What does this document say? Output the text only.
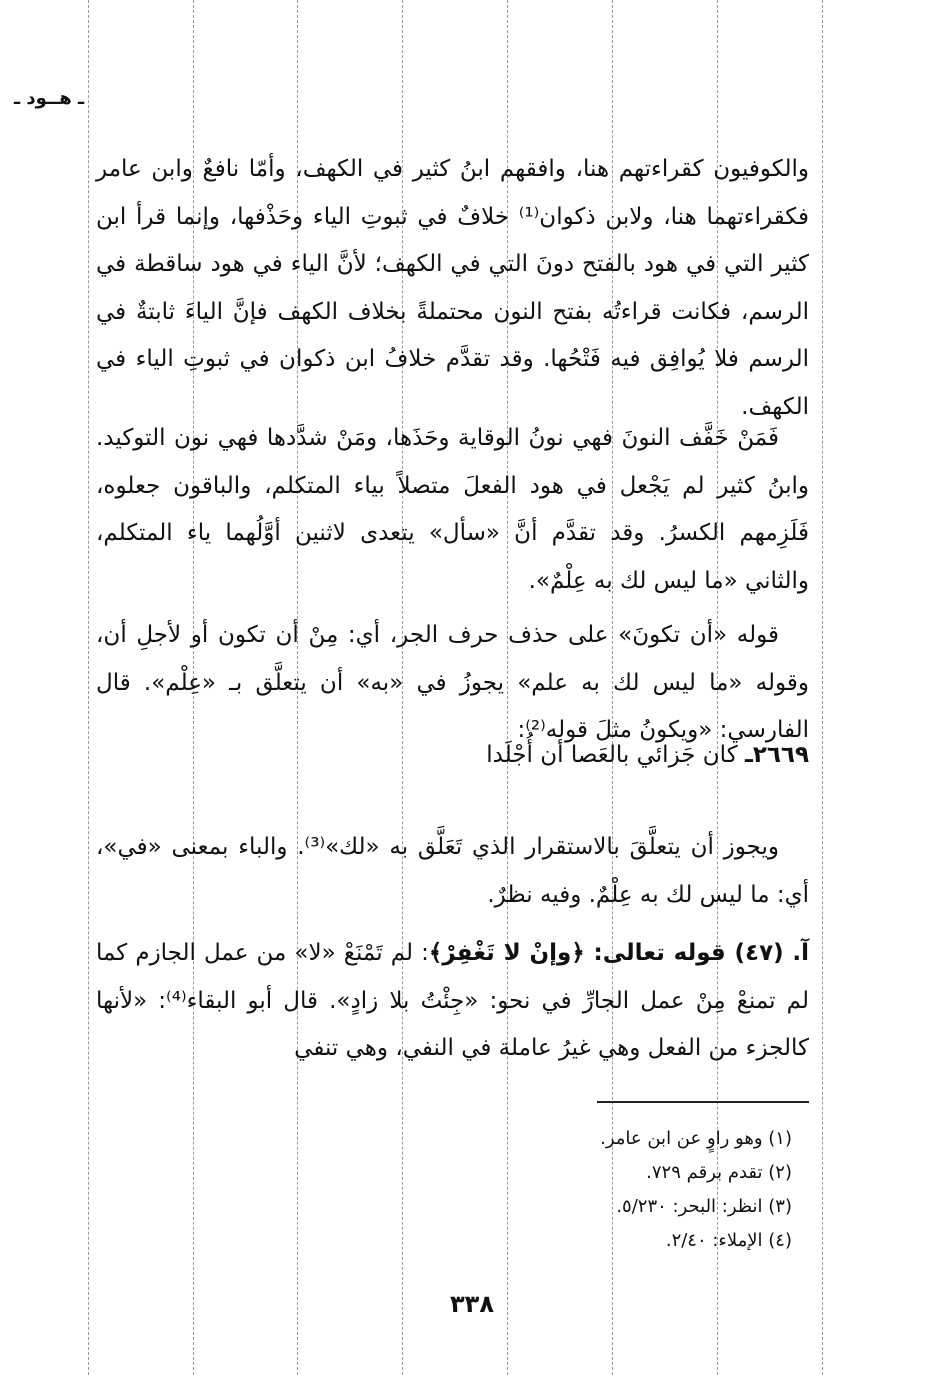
ـ هــود ـ
والكوفيون كقراءتهم هنا، وافقهم ابنُ كثير في الكهف، وأمّا نافعٌ وابن عامر فكقراءتهما هنا، ولابن ذكوان⁽¹⁾ خلافٌ في ثبوتِ الياء وحَذْفها، وإنما قرأ ابن كثير التي في هود بالفتح دونَ التي في الكهف؛ لأنَّ الياء في هود ساقطة في الرسم، فكانت قراءتُه بفتح النون محتملةً بخلاف الكهف فإنَّ الياءَ ثابتةٌ في الرسم فلا يُوافِق فيه فَتْحُها. وقد تقدَّم خلافُ ابن ذكوان في ثبوتِ الياء في الكهف.
فَمَنْ خَفَّف النونَ فهي نونُ الوقاية وحَذَها، ومَنْ شدَّدها فهي نون التوكيد. وابنُ كثير لم يَجْعل في هود الفعلَ متصلاً بياء المتكلم، والباقون جعلوه، فَلَزِمهم الكسرُ. وقد تقدَّم أنَّ «سأل» يتعدى لاثنين أوَّلُهما ياء المتكلم، والثاني «ما ليس لك به عِلْمٌ».
قوله «أن تكونَ» على حذف حرف الجر، أي: مِنْ أن تكون أو لأجلِ أن، وقوله «ما ليس لك به علم» يجوزُ في «به» أن يتعلَّق بـ «عِلْم». قال الفارسي: «ويكونُ مثلَ قوله⁽²⁾:
٢٦٦٩ـ كان جَزائي بالعَصا أن أُجْلَدا
ويجوز أن يتعلَّقَ بالاستقرار الذي تَعَلَّق به «لك»⁽³⁾. والباء بمعنى «في»، أي: ما ليس لك به عِلْمٌ. وفيه نظرٌ.
آ. (٤٧) قوله تعالى: ﴿وإنْ لا تَغْفِرْ﴾: لم تَمْنَعْ «لا» من عمل الجازم كما لم تمنعْ مِنْ عمل الجارِّ في نحو: «جِئْتُ بلا زادٍ». قال أبو البقاء⁽⁴⁾: «لأنها كالجزء من الفعل وهي غيرُ عاملة في النفي، وهي تنفي
(١) وهو راوٍ عن ابن عامر.
(٢) تقدم برقم ٧٢٩.
(٣) انظر: البحر: ٥/٢٣٠.
(٤) الإملاء: ٢/٤٠.
٣٣٨
